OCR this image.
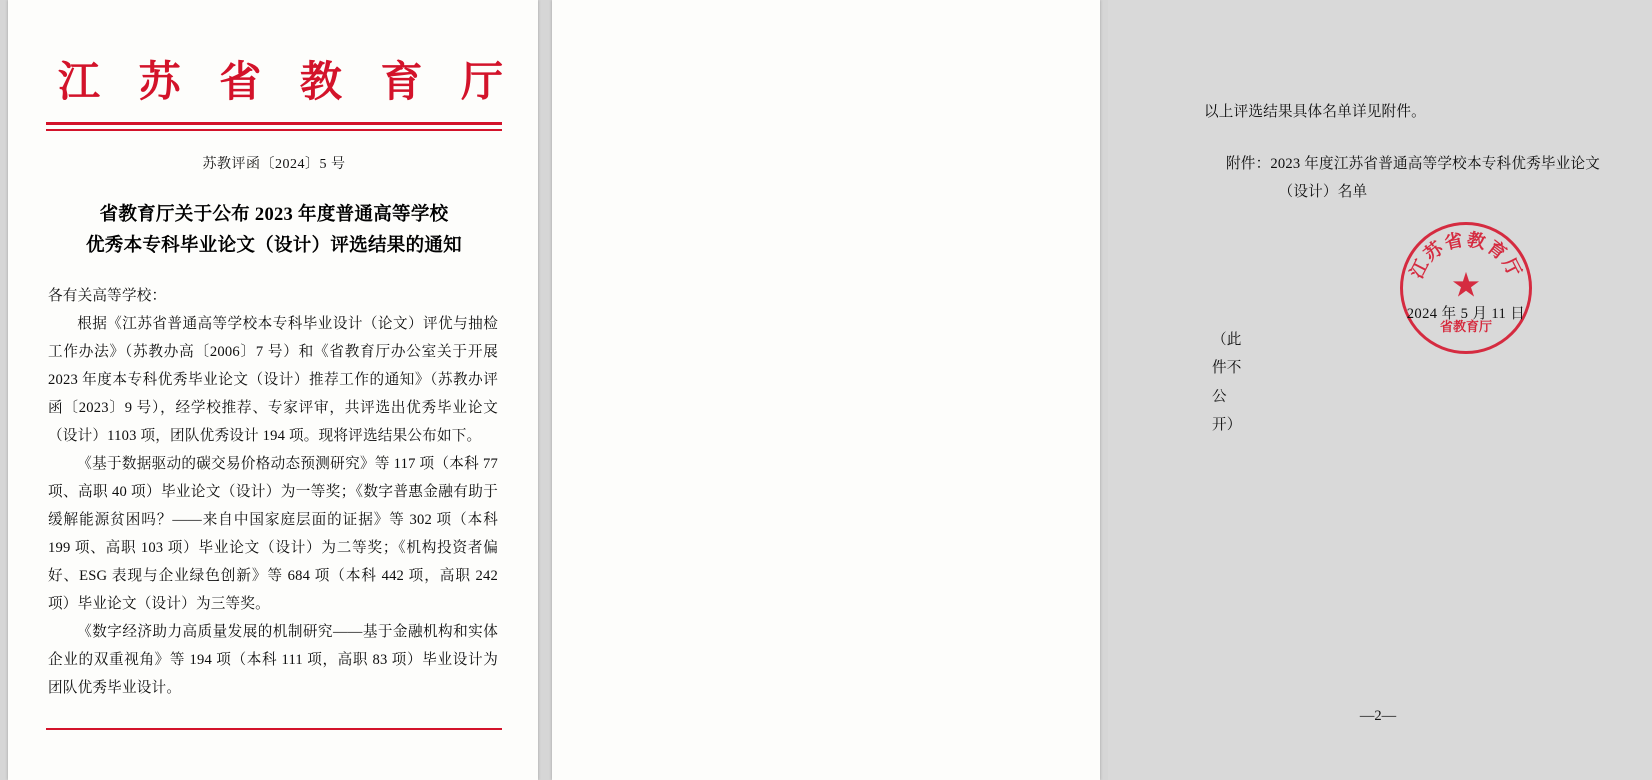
江 苏 省 教 育 厅
苏教评函〔2024〕5 号
省教育厅关于公布 2023 年度普通高等学校
优秀本专科毕业论文（设计）评选结果的通知

各有关高等学校：

根据《江苏省普通高等学校本专科毕业设计（论文）评优与抽检工作办法》（苏教办高〔2006〕7 号）和《省教育厅办公室关于开展 2023 年度本专科优秀毕业论文（设计）推荐工作的通知》（苏教办评函〔2023〕9 号），经学校推荐、专家评审，共评选出优秀毕业论文（设计）1103 项，团队优秀设计 194 项。现将评选结果公布如下。

《基于数据驱动的碳交易价格动态预测研究》等 117 项（本科 77 项、高职 40 项）毕业论文（设计）为一等奖；《数字普惠金融有助于缓解能源贫困吗？——来自中国家庭层面的证据》等 302 项（本科 199 项、高职 103 项）毕业论文（设计）为二等奖；《机构投资者偏好、ESG 表现与企业绿色创新》等 684 项（本科 442 项，高职 242 项）毕业论文（设计）为三等奖。

《数字经济助力高质量发展的机制研究——基于金融机构和实体企业的双重视角》等 194 项（本科 111 项，高职 83 项）毕业设计为团队优秀毕业设计。

以上评选结果具体名单详见附件。
附件：2023 年度江苏省普通高等学校本专科优秀毕业论文
（设计）名单
江苏省教育厅
★
省教育厅
2024 年 5 月 11 日
（此件不公开）
—2—
